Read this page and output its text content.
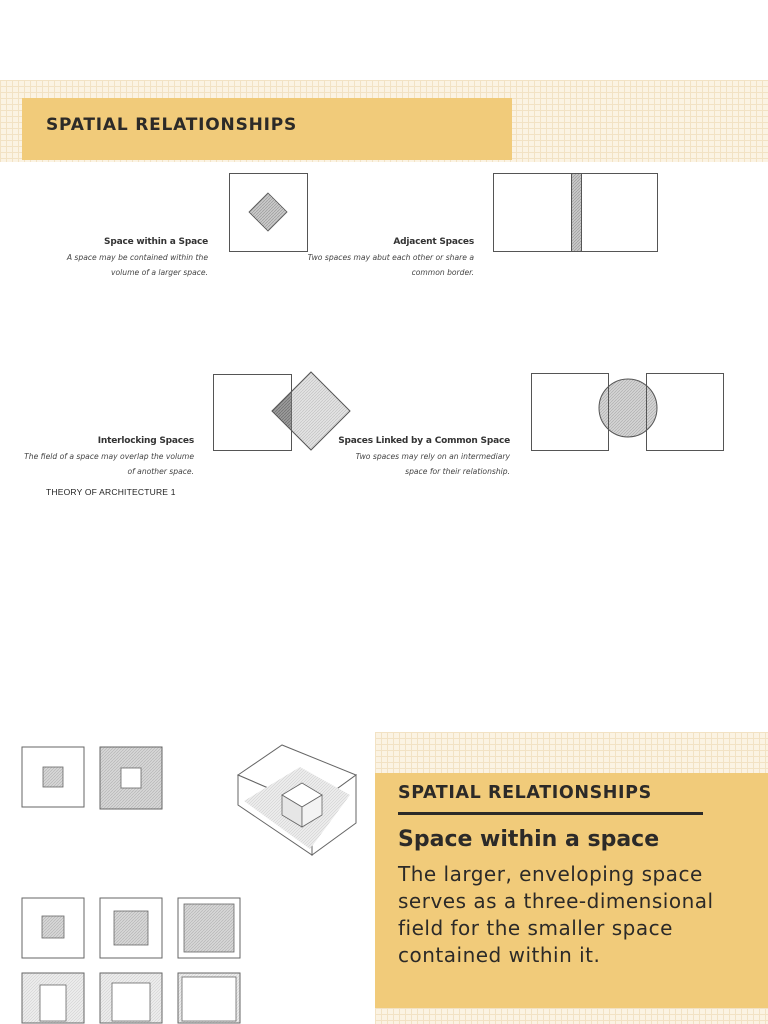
SPATIAL RELATIONSHIPS
Space within a Space
A space may be contained within the volume of a larger space.
Adjacent Spaces
Two spaces may abut each other or share a common border.
Interlocking Spaces
The field of a space may overlap the volume of another space.
Spaces Linked by a Common Space
Two spaces may rely on an intermediary space for their relationship.
THEORY OF ARCHITECTURE 1
SPATIAL RELATIONSHIPS
Space within a space

The larger, enveloping space serves as a three-dimensional field for the smaller space contained within it.
